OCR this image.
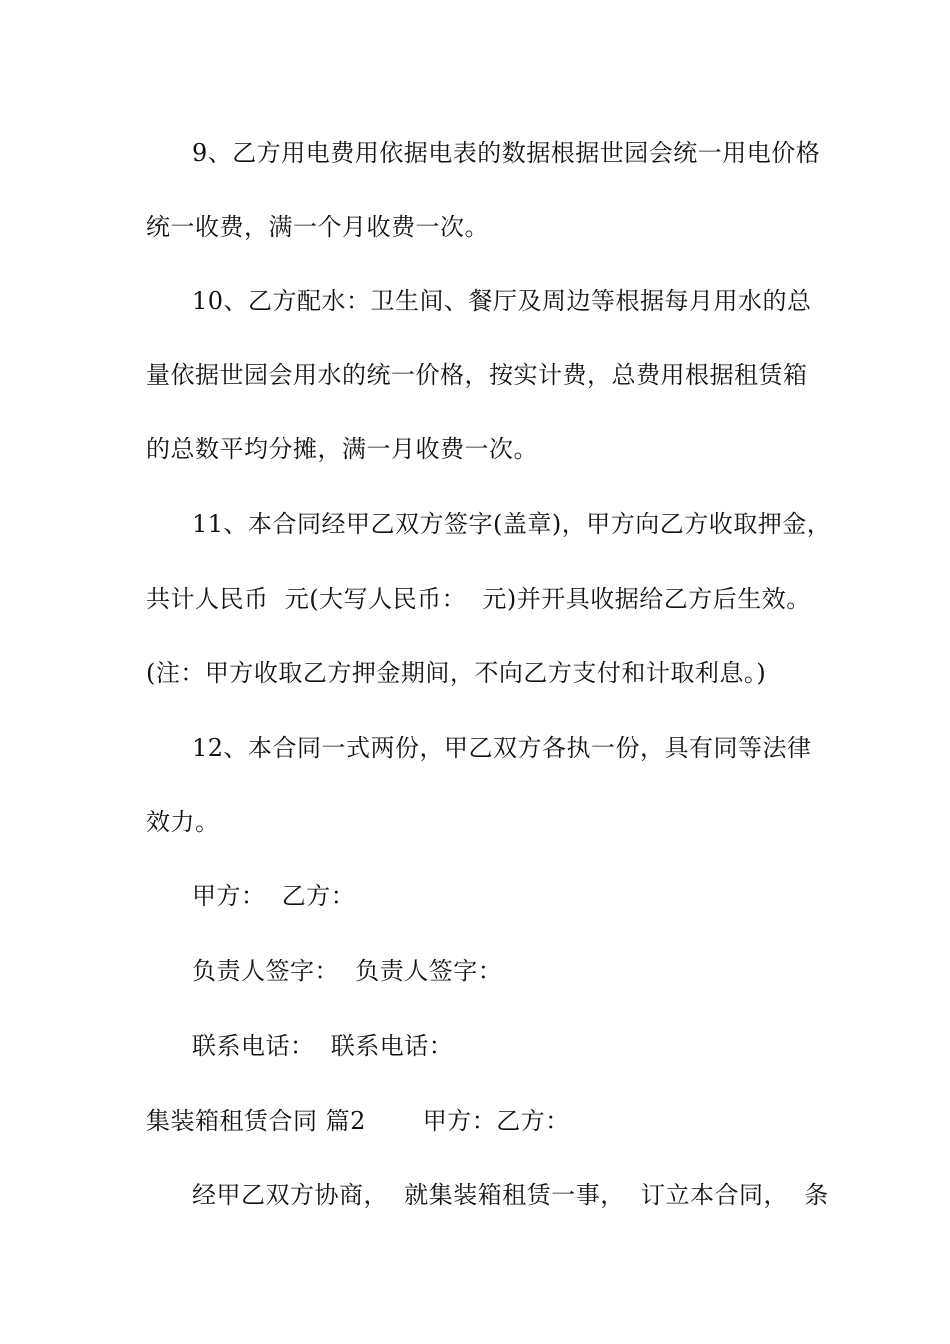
9、乙方用电费用依据电表的数据根据世园会统一用电价格
统一收费，满一个月收费一次。
10、乙方配水：卫生间、餐厅及周边等根据每月用水的总
量依据世园会用水的统一价格，按实计费，总费用根据租赁箱
的总数平均分摊，满一月收费一次。
11、本合同经甲乙双方签字(盖章)，甲方向乙方收取押金，
共计人民币  元(大写人民币：  元)并开具收据给乙方后生效。
(注：甲方收取乙方押金期间，不向乙方支付和计取利息。)
12、本合同一式两份，甲乙双方各执一份，具有同等法律
效力。
甲方：  乙方：
负责人签字：  负责人签字：
联系电话：  联系电话：
集装箱租赁合同 篇2       甲方：乙方：
经甲乙双方协商，  就集装箱租赁一事，  订立本合同，  条
